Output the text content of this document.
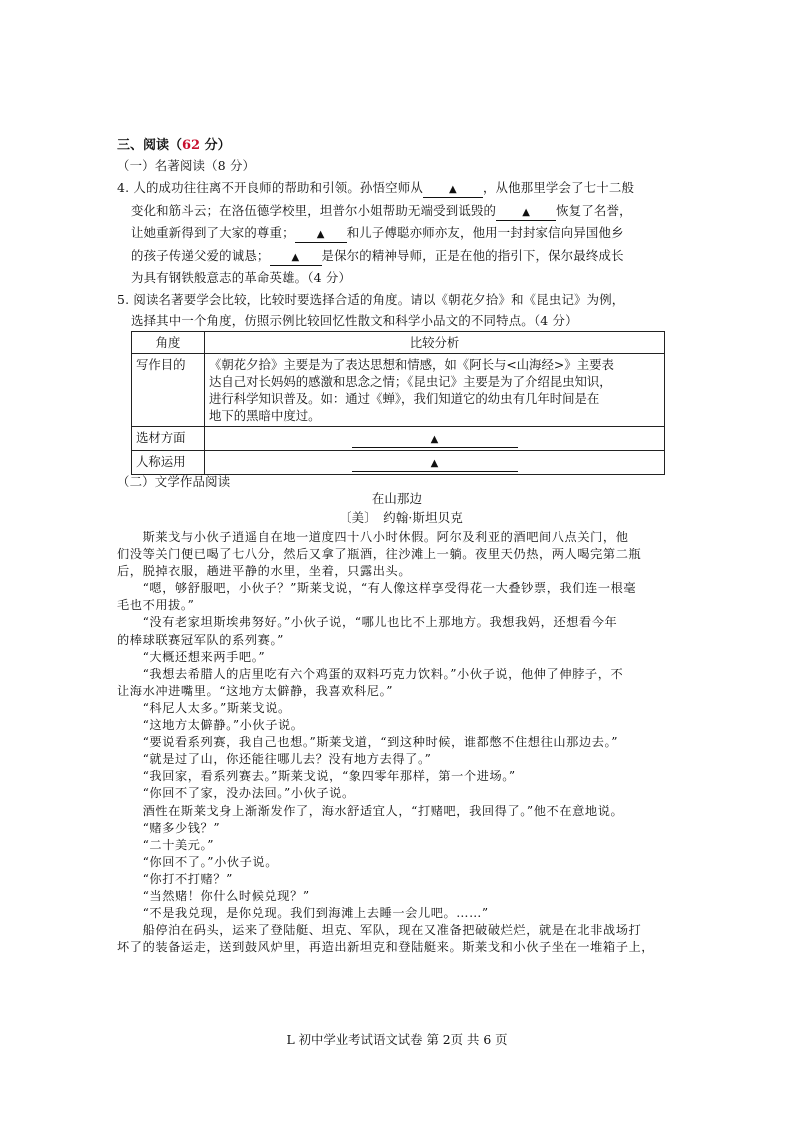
三、阅读（62 分）
（一）名著阅读（8 分）
4. 人的成功往往离不开良师的帮助和引领。孙悟空师从	▲ ，从他那里学会了七十二般
变化和筋斗云；在洛伍德学校里，坦普尔小姐帮助无端受到诋毁的	▲ 恢复了名誉，
让她重新得到了大家的尊重； ▲ 和儿子傅聪亦师亦友，他用一封封家信向异国他乡
的孩子传递父爱的诚恳； ▲ 是保尔的精神导师，正是在他的指引下，保尔最终成长
为具有钢铁般意志的革命英雄。（4 分）
5. 阅读名著要学会比较，比较时要选择合适的角度。请以《朝花夕拾》和《昆虫记》为例，
选择其中一个角度，仿照示例比较回忆性散文和科学小品文的不同特点。（4 分）
角度	比较分析
写作目的	《朝花夕拾》主要是为了表达思想和情感，如《阿长与<山海经>》主要表
达自己对长妈妈的感激和思念之情；《昆虫记》主要是为了介绍昆虫知识，
进行科学知识普及。如：通过《蝉》，我们知道它的幼虫有几年时间是在
地下的黑暗中度过。

选材方面	▲
人称运用	▲
（二）文学作品阅读
在山那边
〔美〕　约翰·斯坦贝克
　　斯莱戈与小伙子逍遥自在地一道度四十八小时休假。阿尔及利亚的酒吧间八点关门，他
们没等关门便已喝了七八分，然后又拿了瓶酒，往沙滩上一躺。夜里天仍热，两人喝完第二瓶
后，脱掉衣服，趟进平静的水里，坐着，只露出头。
　　“嗯，够舒服吧，小伙子？”斯莱戈说，“有人像这样享受得花一大叠钞票，我们连一根毫
毛也不用拔。”
　　“没有老家坦斯埃弗努好。”小伙子说，“哪儿也比不上那地方。我想我妈，还想看今年
的棒球联赛冠军队的系列赛。”
　　“大概还想来两手吧。”
　　“我想去希腊人的店里吃有六个鸡蛋的双料巧克力饮料。”小伙子说，他伸了伸脖子，不
让海水冲进嘴里。“这地方太僻静，我喜欢科尼。”
　　“科尼人太多。”斯莱戈说。
　　“这地方太僻静。”小伙子说。
　　“要说看系列赛，我自己也想。”斯莱戈道，“到这种时候，谁都憋不住想往山那边去。”
　　“就是过了山，你还能往哪儿去？没有地方去得了。”
　　“我回家，看系列赛去。”斯莱戈说，“象四零年那样，第一个进场。”
　　“你回不了家，没办法回。”小伙子说。
　　酒性在斯莱戈身上渐渐发作了，海水舒适宜人，“打赌吧，我回得了。”他不在意地说。
　　“赌多少钱？”
　　“二十美元。”
　　“你回不了。”小伙子说。
　　“你打不打赌？”
　　“当然赌！你什么时候兑现？”
　　“不是我兑现，是你兑现。我们到海滩上去睡一会儿吧。……”
　　船停泊在码头，运来了登陆艇、坦克、军队，现在又准备把破破烂烂，就是在北非战场打
坏了的装备运走，送到鼓风炉里，再造出新坦克和登陆艇来。斯莱戈和小伙子坐在一堆箱子上，
L 初中学业考试语文试卷 第 2页 共 6 页
